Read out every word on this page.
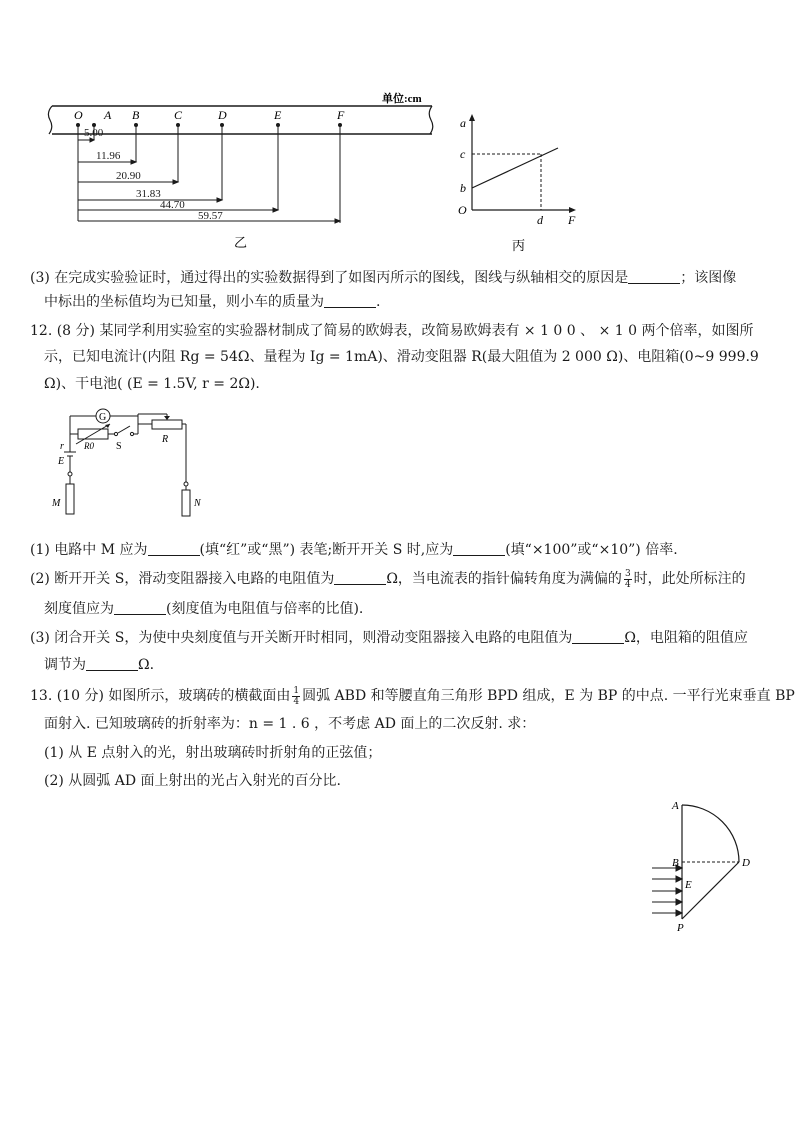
单位:cm
O A B	C	D	E	F
5.00
11.96
20.90
31.83
44.70
59.57
乙
a
F
O
c
b
d
丙
(3) 在完成实验验证时，通过得出的实验数据得到了如图丙所示的图线，图线与纵轴相交的原因是	；该图像
中标出的坐标值均为已知量，则小车的质量为	.
12. (8 分) 某同学利用实验室的实验器材制成了简易的欧姆表，改简易欧姆表有 × 1 0 0 、 × 1 0 两个倍率，如图所
示，已知电流计(内阻 Rg = 54Ω、量程为 Ig = 1mA)、滑动变阻器 R(最大阻值为 2 000 Ω)、电阻箱(0~9 999.9
Ω)、干电池( (E = 1.5V, r = 2Ω).
G
r R0 S
R
E
M	N
(1) 电路中 M 应为	(填“红”或“黑”) 表笔;断开开关 S 时,应为	(填“×100”或“×10”) 倍率.
(2) 断开开关 S，滑动变阻器接入电路的电阻值为	Ω，当电流表的指针偏转角度为满偏的 $\frac{3}{4}$ 时，此处所标注的
刻度值应为	(刻度值为电阻值与倍率的比值).
(3) 闭合开关 S，为使中央刻度值与开关断开时相同，则滑动变阻器接入电路的电阻值为	Ω，电阻箱的阻值应
调节为	Ω.
13. (10 分) 如图所示，玻璃砖的横截面由 $\frac{1}{4}$ 圆弧 ABD 和等腰直角三角形 BPD 组成，E 为 BP 的中点. 一平行光束垂直 BP
面射入. 已知玻璃砖的折射率为：n = 1 . 6 ，不考虑 AD 面上的二次反射. 求：
(1) 从 E 点射入的光，射出玻璃砖时折射角的正弦值；
(2) 从圆弧 AD 面上射出的光占入射光的百分比.
A
B	D
E
P
